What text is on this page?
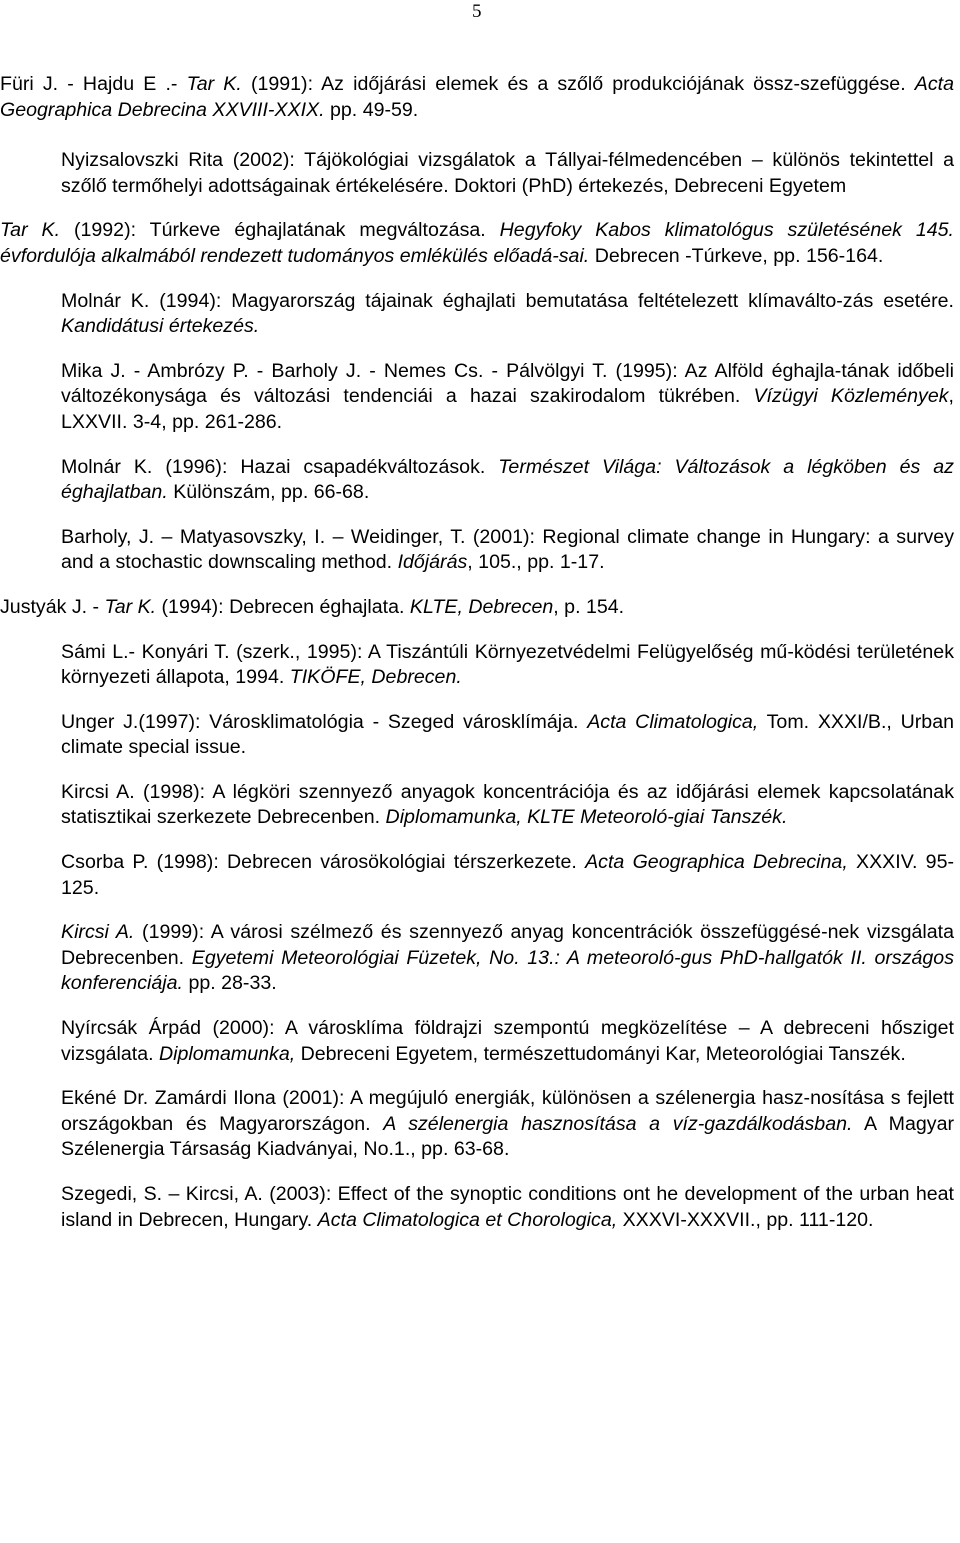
5

Füri J. - Hajdu E .- Tar K. (1991): Az időjárási elemek és a szőlő produkciójának össz-szefüggése. Acta Geographica Debrecina XXVIII-XXIX. pp. 49-59.

Nyizsalovszki Rita (2002): Tájökológiai vizsgálatok a Tállyai-félmedencében – különös tekintettel a szőlő termőhelyi adottságainak értékelésére. Doktori (PhD) értekezés, Debreceni Egyetem

Tar K. (1992): Túrkeve éghajlatának megváltozása. Hegyfoky Kabos klimatológus születésének 145. évfordulója alkalmából rendezett tudományos emlékülés előadá-sai. Debrecen -Túrkeve, pp. 156-164.

Molnár K. (1994): Magyarország tájainak éghajlati bemutatása feltételezett klímaválto-zás esetére. Kandidátusi értekezés.

Mika J. - Ambrózy P. - Barholy J. - Nemes Cs. - Pálvölgyi T. (1995): Az Alföld éghajla-tának időbeli változékonysága és változási tendenciái a hazai szakirodalom tükrében. Vízügyi Közlemények, LXXVII. 3-4, pp. 261-286.

Molnár K. (1996): Hazai csapadékváltozások. Természet Világa: Változások a légköben és az éghajlatban. Különszám, pp. 66-68.

Barholy, J. – Matyasovszky, I. – Weidinger, T. (2001): Regional climate change in Hungary: a survey and a stochastic downscaling method. Időjárás, 105., pp. 1-17.

Justyák J. - Tar K. (1994): Debrecen éghajlata. KLTE, Debrecen, p. 154.

Sámi L.- Konyári T. (szerk., 1995): A Tiszántúli Környezetvédelmi Felügyelőség mű-ködési területének környezeti állapota, 1994. TIKÖFE, Debrecen.

Unger J.(1997): Városklimatológia - Szeged városklímája. Acta Climatologica, Tom. XXXI/B., Urban climate special issue.

Kircsi A. (1998): A légköri szennyező anyagok koncentrációja és az időjárási elemek kapcsolatának statisztikai szerkezete Debrecenben. Diplomamunka, KLTE Meteoroló-giai Tanszék.

Csorba P. (1998): Debrecen városökológiai térszerkezete. Acta Geographica Debrecina, XXXIV. 95-125.

Kircsi A. (1999): A városi szélmező és szennyező anyag koncentrációk összefüggésé-nek vizsgálata Debrecenben. Egyetemi Meteorológiai Füzetek, No. 13.: A meteoroló-gus PhD-hallgatók II. országos konferenciája. pp. 28-33.

Nyírcsák Árpád (2000): A városklíma földrajzi szempontú megközelítése – A debreceni hősziget vizsgálata. Diplomamunka, Debreceni Egyetem, természettudományi Kar, Meteorológiai Tanszék.

Ekéné Dr. Zamárdi Ilona (2001): A megújuló energiák, különösen a szélenergia hasz-nosítása s fejlett országokban és Magyarországon. A szélenergia hasznosítása a víz-gazdálkodásban. A Magyar Szélenergia Társaság Kiadványai, No.1., pp. 63-68.

Szegedi, S. – Kircsi, A. (2003): Effect of the synoptic conditions ont he development of the urban heat island in Debrecen, Hungary. Acta Climatologica et Chorologica, XXXVI-XXXVII., pp. 111-120.
